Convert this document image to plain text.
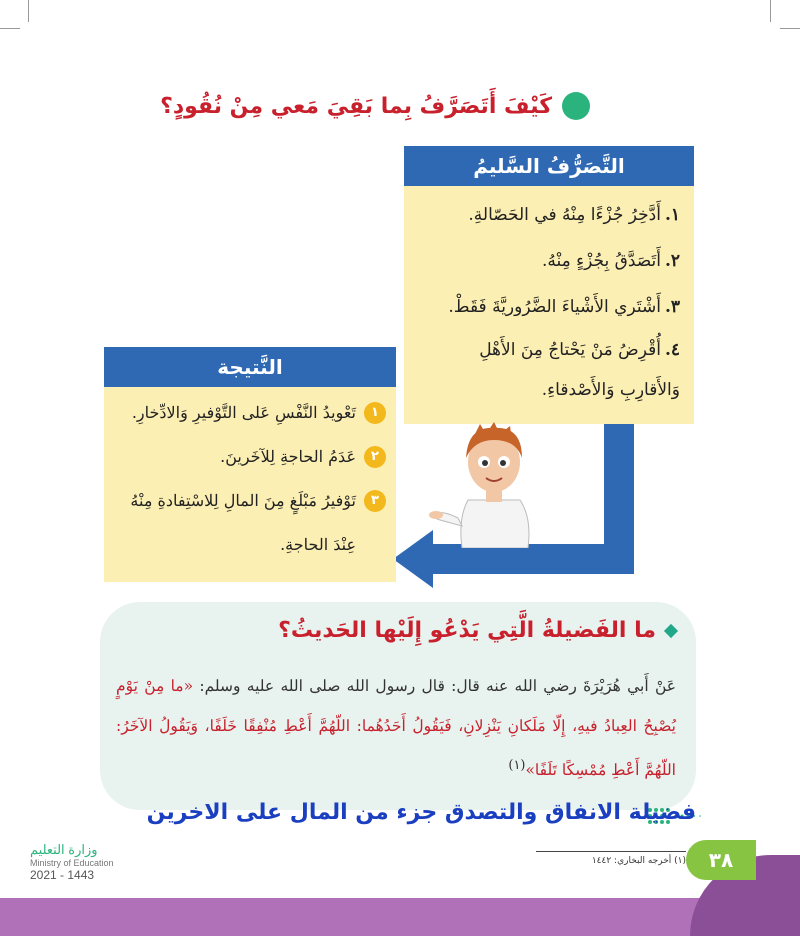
كَيْفَ أَتَصَرَّفُ بِما بَقِيَ مَعي مِنْ نُقُودٍ؟
التَّصَرُّفُ السَّليمُ
١.أَدَّخِرُ جُزْءًا مِنْهُ في الحَصّالةِ.
٢.أَتَصَدَّقُ بِجُزْءٍ مِنْهُ.
٣.أَشْتَري الأَشْياءَ الضَّرُوريَّةَ فَقَطْ.
٤.أُقْرِضُ مَنْ يَحْتاجُ مِنَ الأَهْلِ وَالأَقارِبِ وَالأَصْدقاءِ.
النَّتيجة
١
تَعْويدُ النَّفْسِ عَلى التَّوْفيرِ وَالادِّخارِ.
٢
عَدَمُ الحاجةِ لِلآخَرينَ.
٣
تَوْفيرُ مَبْلَغٍ مِنَ المالِ لِلاسْتِفادةِ مِنْهُ عِنْدَ الحاجةِ.
ما الفَضيلةُ الَّتِي يَدْعُو إِلَيْها الحَديثُ؟
عَنْ أَبي هُرَيْرَةَ رضي الله عنه قال: قال رسول الله صلى الله عليه وسلم: «ما مِنْ يَوْمٍ يُصْبِحُ العِبادُ فيهِ، إِلّا مَلَكانِ يَنْزِلانِ، فَيَقُولُ أَحَدُهُما: اللّهُمَّ أَعْطِ مُنْفِقًا خَلَفًا، وَيَقُولُ الآخَرُ: اللّهُمَّ أَعْطِ مُمْسِكًا تَلَفًا»$^{(١)}$
فضيلة الانفاق والتصدق جزء من المال على الاخرين
٣٨
(١) أخرجه البخاري: ١٤٤٢
وزارة التعليم
Ministry of Education
2021 - 1443
